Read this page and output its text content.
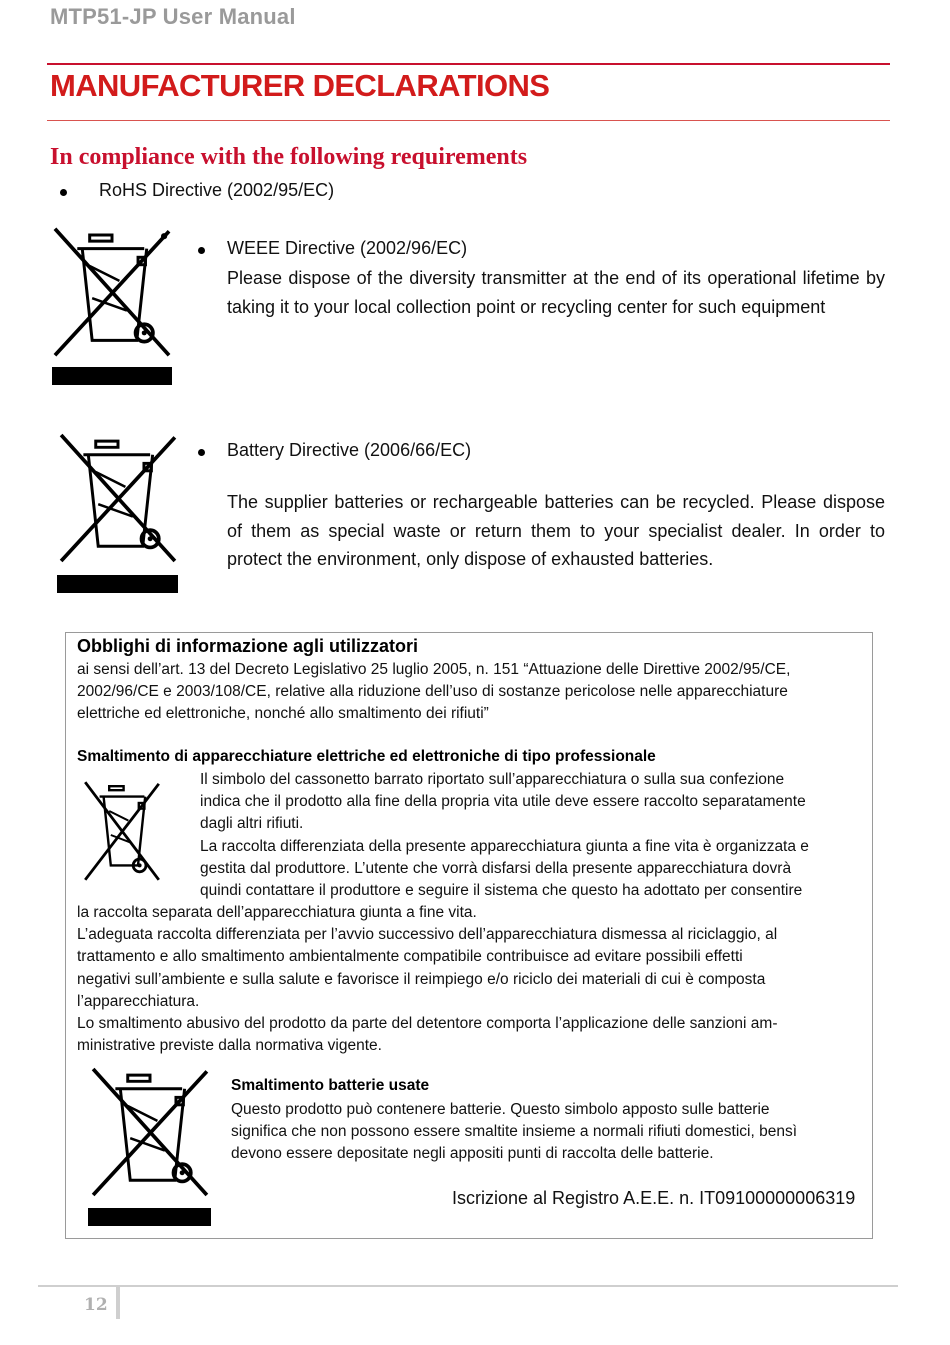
MTP51-JP User Manual
MANUFACTURER DECLARATIONS
In compliance with the following requirements
RoHS Directive (2002/95/EC)
WEEE Directive (2002/96/EC)
Please dispose of the diversity transmitter at the end of its operational lifetime by taking it to your local collection point or recycling center for such equipment
Battery Directive (2006/66/EC)
The supplier batteries or rechargeable batteries can be recycled. Please dispose of them as special waste or return them to your specialist dealer. In order to protect the environment, only dispose of exhausted batteries.
Obblighi di informazione agli utilizzatori
ai sensi dell’art. 13 del Decreto Legislativo 25 luglio 2005, n. 151 “Attuazione delle Direttive 2002/95/CE,
2002/96/CE e 2003/108/CE, relative alla riduzione dell’uso di sostanze pericolose nelle apparecchiature
elettriche ed elettroniche, nonché allo smaltimento dei rifiuti”
Smaltimento di apparecchiature elettriche ed elettroniche di tipo professionale
Il simbolo del cassonetto barrato riportato sull’apparecchiatura o sulla sua confezione
indica che il prodotto alla fine della propria vita utile deve essere raccolto separatamente
dagli altri rifiuti.
La raccolta differenziata della presente apparecchiatura giunta a fine vita è organizzata e
gestita dal produttore. L’utente che vorrà disfarsi della presente apparecchiatura dovrà
quindi contattare il produttore e seguire il sistema che questo ha adottato per consentire
la raccolta separata dell’apparecchiatura giunta a fine vita.
L’adeguata raccolta differenziata per l’avvio successivo dell’apparecchiatura dismessa al riciclaggio, al
trattamento e allo smaltimento ambientalmente compatibile contribuisce ad evitare possibili effetti
negativi sull’ambiente e sulla salute e favorisce il reimpiego e/o riciclo dei materiali di cui è composta
l’apparecchiatura.
Lo smaltimento abusivo del prodotto da parte del detentore comporta l’applicazione delle sanzioni am-
ministrative previste dalla normativa vigente.
Smaltimento batterie usate
Questo prodotto può contenere batterie. Questo simbolo apposto sulle batterie
significa che non possono essere smaltite insieme a normali rifiuti domestici, bensì
devono essere depositate negli appositi punti di raccolta delle batterie.
Iscrizione al Registro A.E.E. n. IT09100000006319
12
